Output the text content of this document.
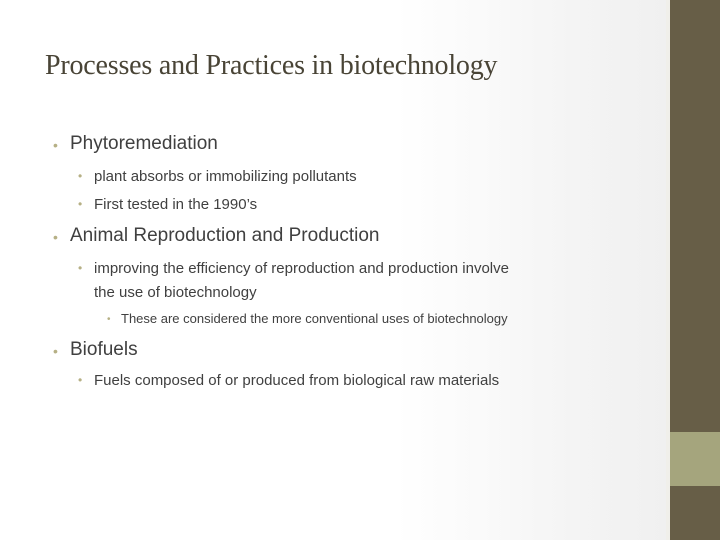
Processes and Practices in biotechnology
• Phytoremediation
• plant absorbs or immobilizing pollutants
• First tested in the 1990’s
• Animal Reproduction and Production
• improving the efficiency of reproduction and production involve
the use of biotechnology
• These are considered the more conventional uses of biotechnology
• Biofuels
• Fuels composed of or produced from biological raw materials
